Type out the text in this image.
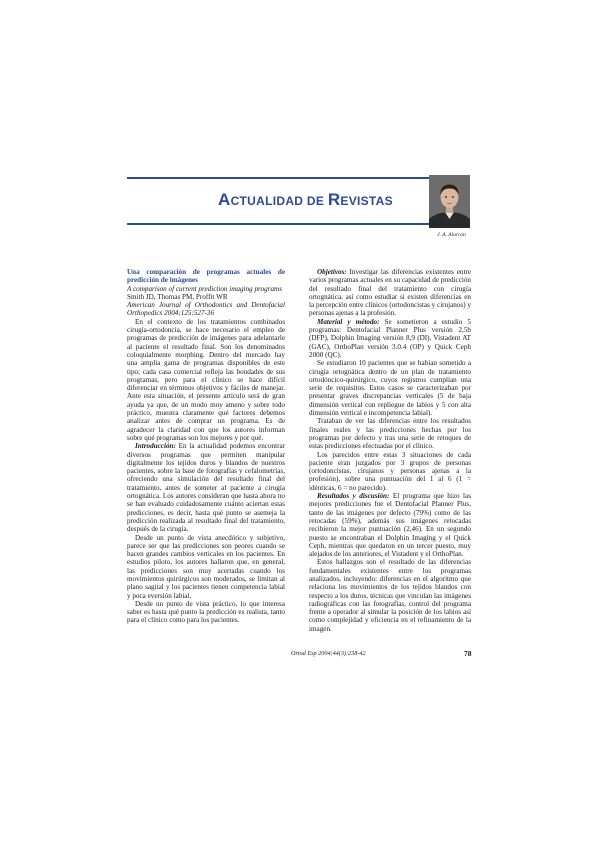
ACTUALIDAD DE REVISTAS
J. A. Alarcón

Una comparación de programas actuales de predicción de imágenes

A comparison of current prediction imaging programs

Smith JD, Thomas PM, Proffit WR

American Journal of Orthodontics and Dentofacial Orthopedics 2004;125:527-36

En el contexto de los tratamientos combinados cirugía-ortodoncia, se hace necesario el empleo de programas de predicción de imágenes para adelantarle al paciente el resultado final. Son los denominados coloquialmente morphing. Dentro del mercado hay una amplia gama de programas disponibles de este tipo; cada casa comercial refleja las bondades de sus programas, pero para el clínico se hace difícil diferenciar en términos objetivos y fáciles de manejar. Ante esta situación, el presente artículo será de gran ayuda ya que, de un modo muy ameno y sobre todo práctico, muestra claramente qué factores debemos analizar antes de comprar un programa. Es de agradecer la claridad con que los autores informan sobre qué programas son los mejores y por qué.

Introducción: En la actualidad podemos encontrar diversos programas que permiten manipular digitalmente los tejidos duros y blandos de nuestros pacientes, sobre la base de fotografías y cefalometrías, ofreciendo una simulación del resultado final del tratamiento, antes de someter al paciente a cirugía ortognática. Los autores consideran que hasta ahora no se han evaluado cuidadosamente cuánto aciertan estas predicciones, es decir, hasta qué punto se asemeja la predicción realizada al resultado final del tratamiento, después de la cirugía.

Desde un punto de vista anecdótico y subjetivo, parece ser que las predicciones son peores cuando se hacen grandes cambios verticales en los pacientes. En estudios piloto, los autores hallaron que, en general, las predicciones son muy acertadas cuando los movimientos quirúrgicos son moderados, se limitan al plano sagital y los pacientes tienen competencia labial y poca eversión labial.

Desde un punto de vista práctico, lo que interesa saber es hasta qué punto la predicción es realista, tanto para el clínico como para los pacientes.

Objetivos: Investigar las diferencias existentes entre varios programas actuales en su capacidad de predicción del resultado final del tratamiento con cirugía ortognática, así como estudiar si existen diferencias en la percepción entre clínicos (ortodoncistas y cirujanos) y personas ajenas a la profesión.

Material y método: Se sometieron a estudio 5 programas: Dentofacial Planner Plus versión 2,5b (DFP), Dolphin Imaging versión 8,9 (DI), Vistadent AT (GAC), OrthoPlan versión 3.0.4 (OP) y Quick Ceph 2000 (QC).

Se estudiaron 10 pacientes que se habían sometido a cirugía ortognática dentro de un plan de tratamiento ortodóncico-quirúrgico, cuyos registros cumplían una serie de requisitos. Estos casos se caracterizaban por presentar graves discrepancias verticales (5 de baja dimensión vertical con repliegue de labios y 5 con alta dimensión vertical e incompetencia labial).

Trataban de ver las diferencias entre los resultados finales reales y las predicciones hechas por los programas por defecto y tras una serie de retoques de estas predicciones efectuadas por el clínico.

Los parecidos entre estas 3 situaciones de cada paciente eran juzgados por 3 grupos de personas (ortodoncistas, cirujanos y personas ajenas a la profesión), sobre una puntuación del 1 al 6 (1 = idénticas, 6 = no parecido).

Resultados y discusión: El programa que hizo las mejores predicciones fue el Dentofacial Planner Plus, tanto de las imágenes por defecto (79%) como de las retocadas (59%), además sus imágenes retocadas recibieron la mejor puntuación (2,46). En un segundo puesto se encontraban el Dolphin Imaging y el Quick Ceph, mientras que quedaron en un tercer puesto, muy alejados de los anteriores, el Vistadent y el OrthoPlan.

Estos hallazgos son el resultado de las diferencias fundamentales existentes entre los programas analizados, incluyendo: diferencias en el algoritmo que relaciona los movimientos de los tejidos blandos con respecto a los duros, técnicas que vinculan las imágenes radiográficas con las fotografías, control del programa frente a operador al simular la posición de los labios así como complejidad y eficiencia en el refinamiento de la imagen.

Ortod Esp 2004;44(3):238-42	78
